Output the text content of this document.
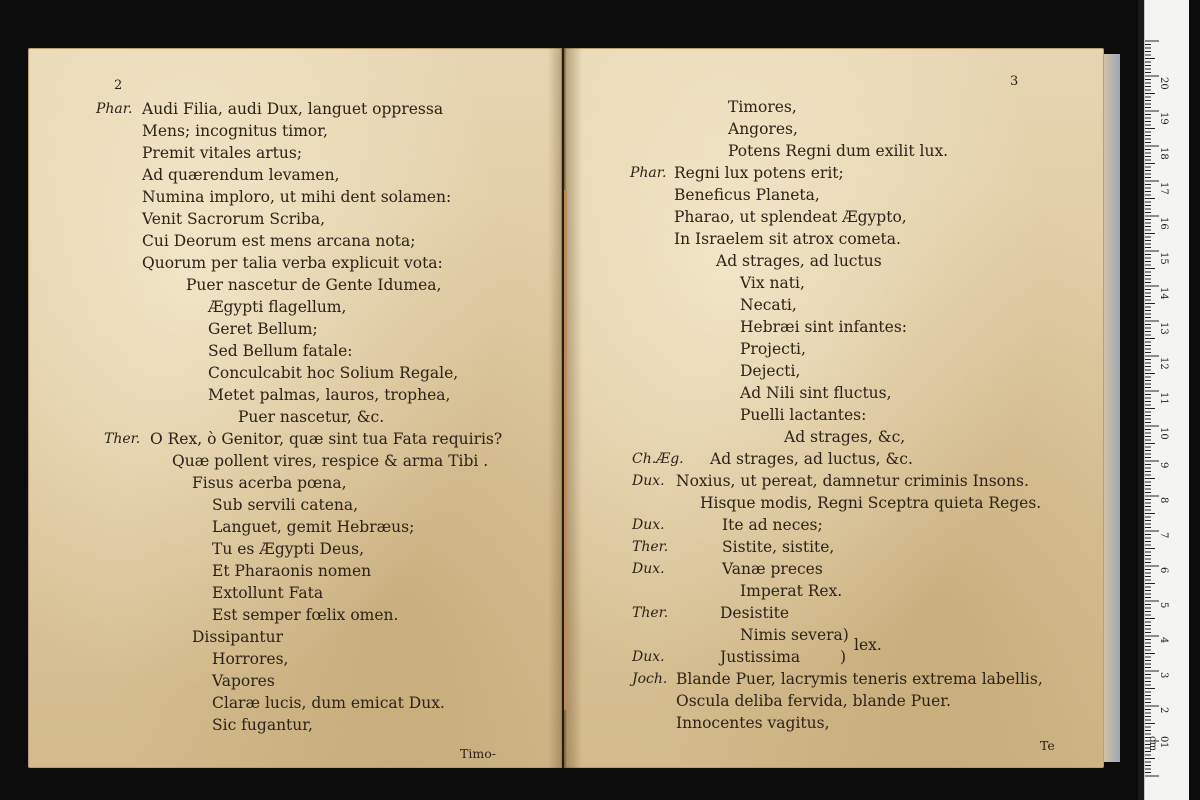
2
Phar. Audi Filia, audi Dux, languet oppressa
Mens; incognitus timor,
Premit vitales artus;
Ad quærendum levamen,
Numina imploro, ut mihi dent solamen:
Venit Sacrorum Scriba,
Cui Deorum est mens arcana nota;
Quorum per talia verba explicuit vota:
Puer nascetur de Gente Idumea,
Ægypti flagellum,
Geret Bellum;
Sed Bellum fatale:
Conculcabit hoc Solium Regale,
Metet palmas, lauros, trophea,
Puer nascetur, &c.
Ther. O Rex, ò Genitor, quæ sint tua Fata requiris?
Quæ pollent vires, respice & arma Tibi .
Fisus acerba pœna,
Sub servili catena,
Languet, gemit Hebræus;
Tu es Ægypti Deus,
Et Pharaonis nomen
Extollunt Fata
Est semper fœlix omen.
Dissipantur
Horrores,
Vapores
Claræ lucis, dum emicat Dux.
Sic fugantur,
Timo-
3
Timores,
Angores,
Potens Regni dum exilit lux.
Phar. Regni lux potens erit;
Beneficus Planeta,
Pharao, ut splendeat Ægypto,
In Israelem sit atrox cometa.
Ad strages, ad luctus
Vix nati,
Necati,
Hebræi sint infantes:
Projecti,
Dejecti,
Ad Nili sint fluctus,
Puelli lactantes:
Ad strages, &c,
Ch.Æg. Ad strages, ad luctus, &c.
Dux. Noxius, ut pereat, damnetur criminis Insons.
Hisque modis, Regni Sceptra quieta Reges.
Dux.	Ite ad neces;
Ther.	Sistite, sistite,
Dux.	Vanæ preces
Imperat Rex.
Ther.	Desistite
Nimis severa)
lex.
Dux.	Justissima	)
Joch. Blande Puer, lacrymis teneris extrema labellis,
Oscula deliba fervida, blande Puer.
Innocentes vagitus,
Te	0 cm 1
2
3
4
5
6
7
8
9
10
11
12
13
14
15
16
17
18
19
20
